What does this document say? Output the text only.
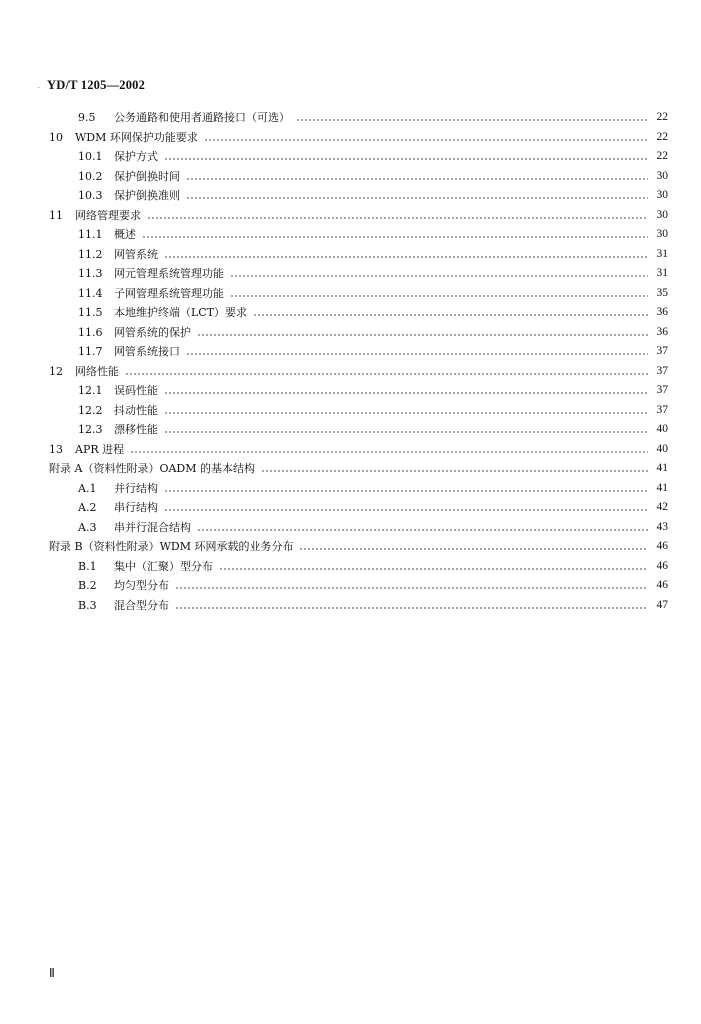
· YD/T 1205—2002
9.5	公务通路和使用者通路接口（可选）	22
10	WDM 环网保护功能要求	22
10.1	保护方式	22
10.2	保护倒换时间	30
10.3	保护倒换准则	30
11	网络管理要求	30
11.1	概述	30
11.2	网管系统	31
11.3	网元管理系统管理功能	31
11.4	子网管理系统管理功能	35
11.5	本地维护终端（LCT）要求	36
11.6	网管系统的保护	36
11.7	网管系统接口	37
12	网络性能	37
12.1	误码性能	37
12.2	抖动性能	37
12.3	漂移性能	40
13	APR 进程	40
附录 A（资料性附录）OADM 的基本结构	41
A.1	并行结构	41
A.2	串行结构	42
A.3	串并行混合结构	43
附录 B（资料性附录）WDM 环网承载的业务分布	46
B.1	集中（汇聚）型分布	46
B.2	均匀型分布	46
B.3	混合型分布	47
Ⅱ
